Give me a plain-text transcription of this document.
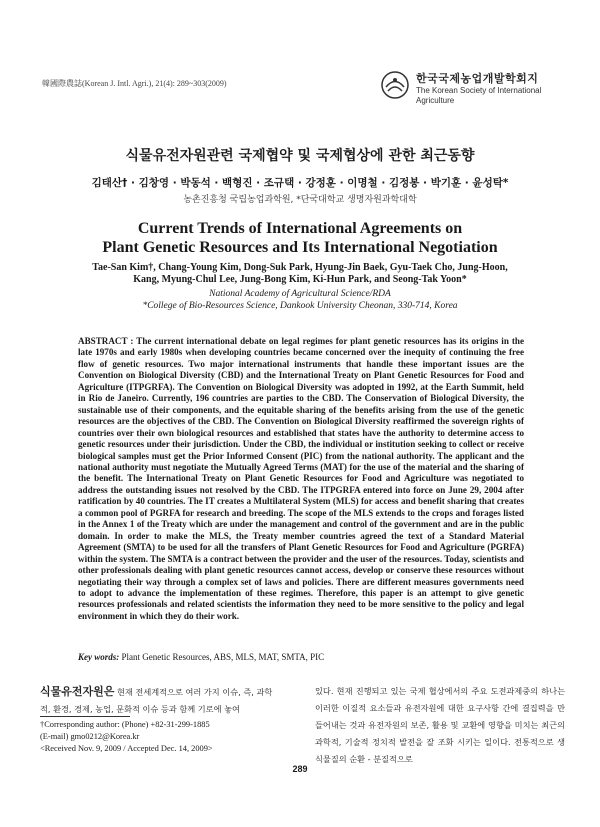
韓國際農誌(Korean J. Intl. Agri.), 21(4): 289~303(2009)	한국국제농업개발학회지
The Korean Society of International
Agriculture
식물유전자원관련 국제협약 및 국제협상에 관한 최근동향
김태산† · 김창영 · 박동석 · 백형진 · 조규택 · 강정훈 · 이명철 · 김정봉 · 박기훈 · 윤성탁*
농촌진흥청 국립농업과학원, *단국대학교 생명자원과학대학
Current Trends of International Agreements on
Plant Genetic Resources and Its International Negotiation
Tae-San Kim†, Chang-Young Kim, Dong-Suk Park, Hyung-Jin Baek, Gyu-Taek Cho, Jung-Hoon,
Kang, Myung-Chul Lee, Jung-Bong Kim, Ki-Hun Park, and Seong-Tak Yoon*
National Academy of Agricultural Science/RDA
*College of Bio-Resources Science, Dankook University Cheonan, 330-714, Korea
ABSTRACT : The current international debate on legal regimes for plant genetic resources has its origins in the late 1970s and early 1980s when developing countries became concerned over the inequity of continuing the free flow of genetic resources. Two major international instruments that handle these important issues are the Convention on Biological Diversity (CBD) and the International Treaty on Plant Genetic Resources for Food and Agriculture (ITPGRFA). The Convention on Biological Diversity was adopted in 1992, at the Earth Summit, held in Rio de Janeiro. Currently, 196 countries are parties to the CBD. The Conservation of Biological Diversity, the sustainable use of their components, and the equitable sharing of the benefits arising from the use of the genetic resources are the objectives of the CBD. The Convention on Biological Diversity reaffirmed the sovereign rights of countries over their own biological resources and established that states have the authority to determine access to genetic resources under their jurisdiction. Under the CBD, the individual or institution seeking to collect or receive biological samples must get the Prior Informed Consent (PIC) from the national authority. The applicant and the national authority must negotiate the Mutually Agreed Terms (MAT) for the use of the material and the sharing of the benefit. The International Treaty on Plant Genetic Resources for Food and Agriculture was negotiated to address the outstanding issues not resolved by the CBD. The ITPGRFA entered into force on June 29, 2004 after ratification by 40 countries. The IT creates a Multilateral System (MLS) for access and benefit sharing that creates a common pool of PGRFA for research and breeding. The scope of the MLS extends to the crops and forages listed in the Annex 1 of the Treaty which are under the management and control of the government and are in the public domain. In order to make the MLS, the Treaty member countries agreed the text of a Standard Material Agreement (SMTA) to be used for all the transfers of Plant Genetic Resources for Food and Agriculture (PGRFA) within the system. The SMTA is a contract between the provider and the user of the resources. Today, scientists and other professionals dealing with plant genetic resources cannot access, develop or conserve these resources without negotiating their way through a complex set of laws and policies. There are different measures governments need to adopt to advance the implementation of these regimes. Therefore, this paper is an attempt to give genetic resources professionals and related scientists the information they need to be more sensitive to the policy and legal environment in which they do their work.
Key words: Plant Genetic Resources, ABS, MLS, MAT, SMTA, PIC
식물유전자원은 현재 전세계적으로 여러 가지 이슈, 즉, 과학적, 환경, 경제, 농업, 문화적 이슈 등과 함께 기로에 놓여
†Corresponding author: (Phone) +82-31-299-1885
(E-mail) gmo0212@Korea.kr
<Received Nov. 9, 2009 / Accepted Dec. 14, 2009>
있다. 현재 진행되고 있는 국제 협상에서의 주요 도전과제중의 하나는 이러한 이질적 요소들과 유전자원에 대한 요구사항 간에 결집력을 만들어내는 것과 유전자원의 보존, 활용 및 교환에 영향을 미치는 최근의 과학적, 기술적 정치적 발전을 잘 조화 시키는 일이다. 전통적으로 생식물질의 순환 - 분질적으로
289
